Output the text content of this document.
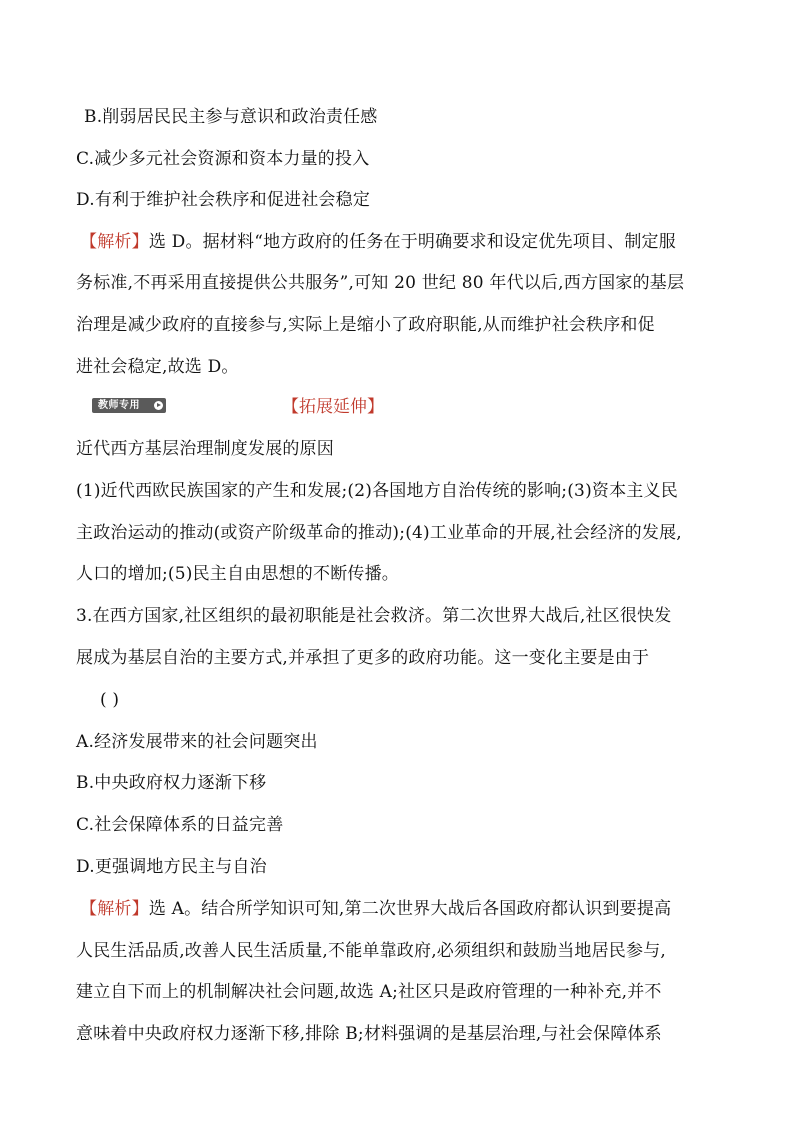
B.削弱居民民主参与意识和政治责任感
C.减少多元社会资源和资本力量的投入
D.有利于维护社会秩序和促进社会稳定
【解析】选 D。据材料“地方政府的任务在于明确要求和设定优先项目、制定服
务标准,不再采用直接提供公共服务”,可知 20 世纪 80 年代以后,西方国家的基层
治理是减少政府的直接参与,实际上是缩小了政府职能,从而维护社会秩序和促
进社会稳定,故选 D。
教师专用	【拓展延伸】
近代西方基层治理制度发展的原因
(1)近代西欧民族国家的产生和发展;(2)各国地方自治传统的影响;(3)资本主义民
主政治运动的推动(或资产阶级革命的推动);(4)工业革命的开展,社会经济的发展,
人口的增加;(5)民主自由思想的不断传播。
3.在西方国家,社区组织的最初职能是社会救济。第二次世界大战后,社区很快发
展成为基层自治的主要方式,并承担了更多的政府功能。这一变化主要是由于
( )
A.经济发展带来的社会问题突出
B.中央政府权力逐渐下移
C.社会保障体系的日益完善
D.更强调地方民主与自治
【解析】选 A。结合所学知识可知,第二次世界大战后各国政府都认识到要提高
人民生活品质,改善人民生活质量,不能单靠政府,必须组织和鼓励当地居民参与,
建立自下而上的机制解决社会问题,故选 A;社区只是政府管理的一种补充,并不
意味着中央政府权力逐渐下移,排除 B;材料强调的是基层治理,与社会保障体系
